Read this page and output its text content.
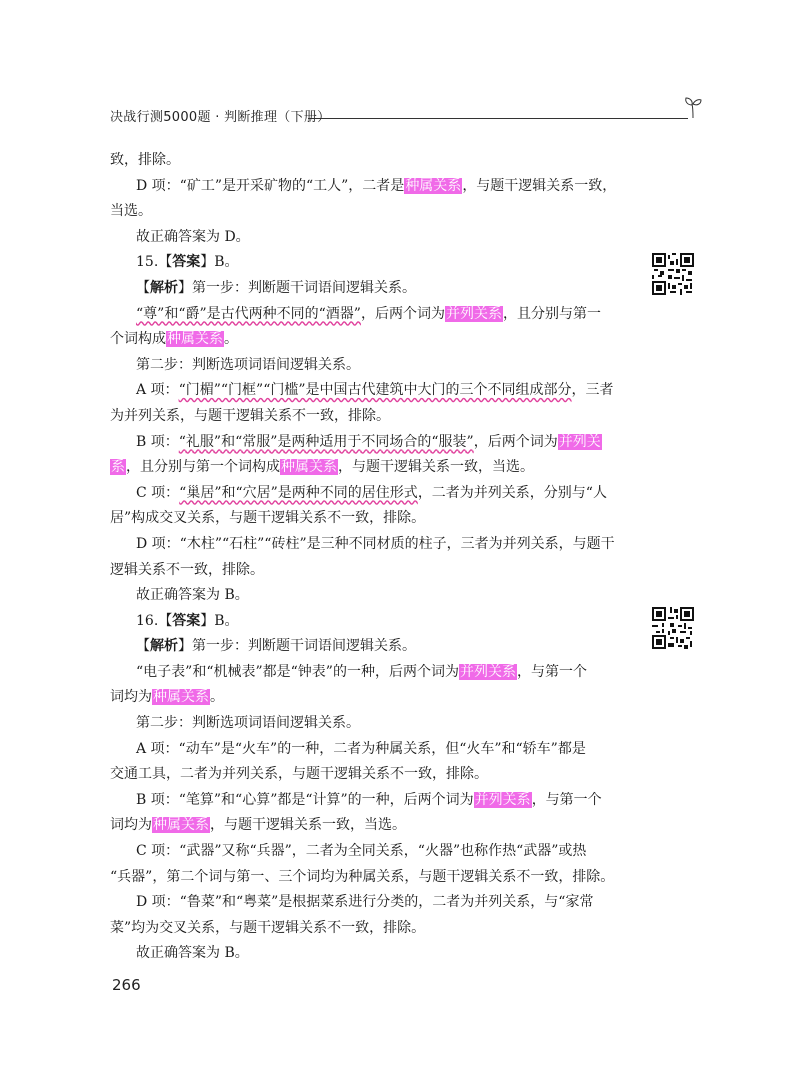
决战行测5000题 · 判断推理（下册）
致，排除。
D 项：“矿工”是开采矿物的“工人”，二者是种属关系，与题干逻辑关系一致，
当选。
故正确答案为 D。
15.【答案】B。
【解析】第一步：判断题干词语间逻辑关系。
“尊”和“爵”是古代两种不同的“酒器”，后两个词为并列关系，且分别与第一
个词构成种属关系。
第二步：判断选项词语间逻辑关系。
A 项：“门楣”“门框”“门槛”是中国古代建筑中大门的三个不同组成部分，三者
为并列关系，与题干逻辑关系不一致，排除。
B 项：“礼服”和“常服”是两种适用于不同场合的“服装”，后两个词为并列关
系，且分别与第一个词构成种属关系，与题干逻辑关系一致，当选。
C 项：“巢居”和“穴居”是两种不同的居住形式，二者为并列关系，分别与“人
居”构成交叉关系，与题干逻辑关系不一致，排除。
D 项：“木柱”“石柱”“砖柱”是三种不同材质的柱子，三者为并列关系，与题干
逻辑关系不一致，排除。
故正确答案为 B。
16.【答案】B。
【解析】第一步：判断题干词语间逻辑关系。
“电子表”和“机械表”都是“钟表”的一种，后两个词为并列关系，与第一个
词均为种属关系。
第二步：判断选项词语间逻辑关系。
A 项：“动车”是“火车”的一种，二者为种属关系，但“火车”和“轿车”都是
交通工具，二者为并列关系，与题干逻辑关系不一致，排除。
B 项：“笔算”和“心算”都是“计算”的一种，后两个词为并列关系，与第一个
词均为种属关系，与题干逻辑关系一致，当选。
C 项：“武器”又称“兵器”，二者为全同关系，“火器”也称作热“武器”或热
“兵器”，第二个词与第一、三个词均为种属关系，与题干逻辑关系不一致，排除。
D 项：“鲁菜”和“粤菜”是根据菜系进行分类的，二者为并列关系，与“家常
菜”均为交叉关系，与题干逻辑关系不一致，排除。
故正确答案为 B。
266
